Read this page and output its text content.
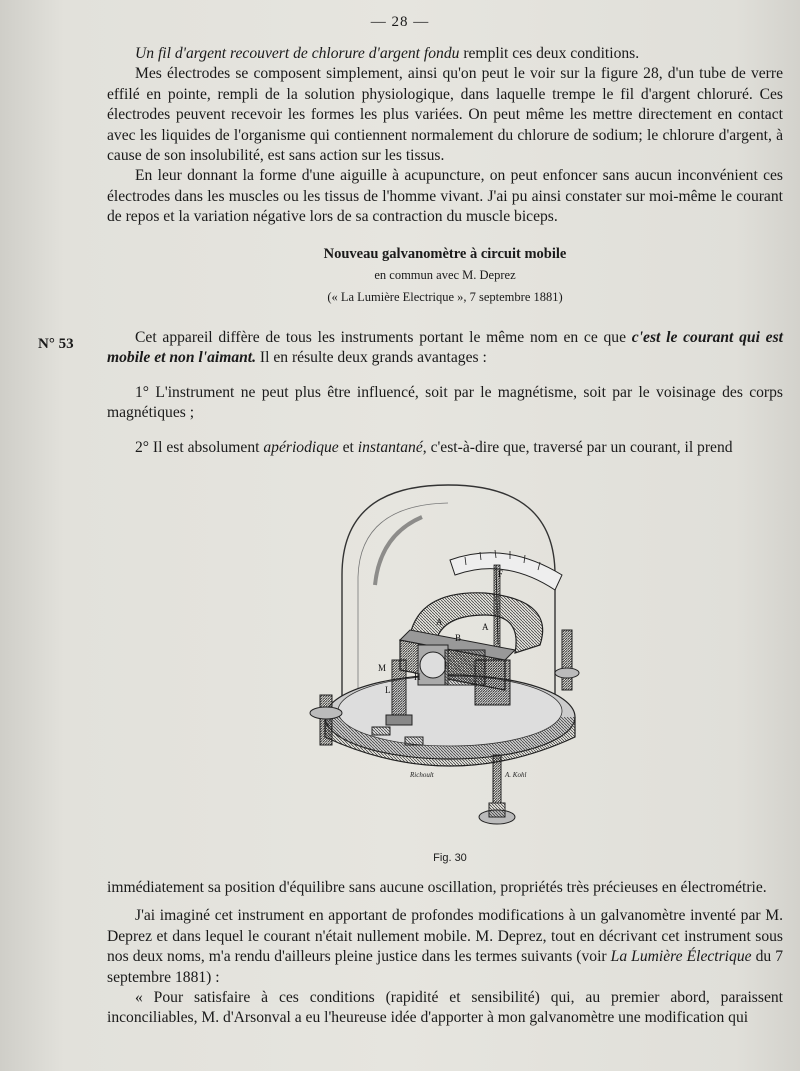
— 28 —

Un fil d'argent recouvert de chlorure d'argent fondu remplit ces deux conditions.

Mes électrodes se composent simplement, ainsi qu'on peut le voir sur la figure 28, d'un tube de verre effilé en pointe, rempli de la solution physiologique, dans laquelle trempe le fil d'argent chloruré. Ces électrodes peuvent recevoir les formes les plus variées. On peut même les mettre directement en contact avec les liquides de l'organisme qui contiennent normalement du chlorure de sodium; le chlorure d'argent, à cause de son insolubilité, est sans action sur les tissus.

En leur donnant la forme d'une aiguille à acupuncture, on peut enfoncer sans aucun inconvénient ces électrodes dans les muscles ou les tissus de l'homme vivant. J'ai pu ainsi constater sur moi-même le courant de repos et la variation négative lors de sa contraction du muscle biceps.

Nouveau galvanomètre à circuit mobile
en commun avec M. Deprez
(« La Lumière Electrique », 7 septembre 1881)
N° 53	Cet appareil diffère de tous les instruments portant le même nom en ce que c'est le courant qui est mobile et non l'aimant. Il en résulte deux grands avantages :

1° L'instrument ne peut plus être influencé, soit par le magnétisme, soit par le voisinage des corps magnétiques ;

2° Il est absolument apériodique et instantané, c'est-à-dire que, traversé par un courant, il prend

A	A
B
F
L
M
H
Richoult	A. Kohl
Fig. 30

immédiatement sa position d'équilibre sans aucune oscillation, propriétés très précieuses en électrométrie.

J'ai imaginé cet instrument en apportant de profondes modifications à un galvanomètre inventé par M. Deprez et dans lequel le courant n'était nullement mobile. M. Deprez, tout en décrivant cet instrument sous nos deux noms, m'a rendu d'ailleurs pleine justice dans les termes suivants (voir La Lumière Électrique du 7 septembre 1881) :

« Pour satisfaire à ces conditions (rapidité et sensibilité) qui, au premier abord, paraissent inconciliables, M. d'Arsonval a eu l'heureuse idée d'apporter à mon galvanomètre une modification qui
